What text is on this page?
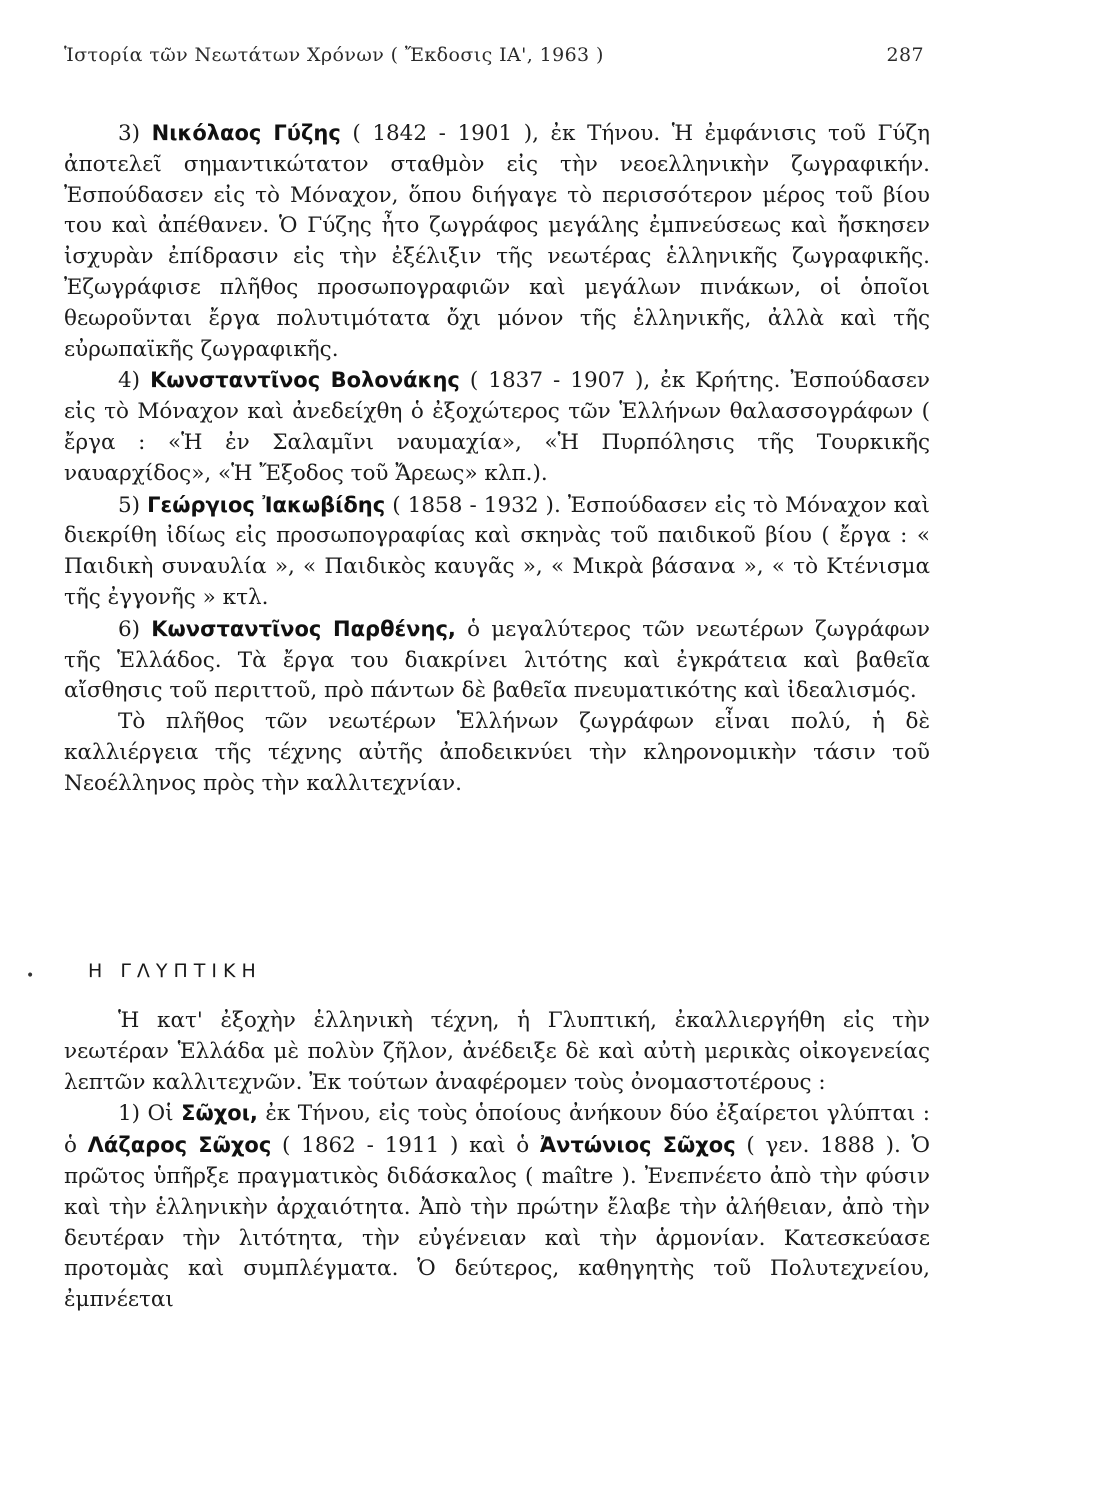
Ἱστορία τῶν Νεωτάτων Χρόνων ( Ἔκδοσις ΙΑ', 1963 )	287

3) Νικόλαος Γύζης ( 1842 - 1901 ), ἐκ Τήνου. Ἡ ἐμφάνισις τοῦ Γύζη ἀποτελεῖ σημαντικώτατον σταθμὸν εἰς τὴν νεοελληνικὴν ζωγραφικήν. Ἐσπούδασεν εἰς τὸ Μόναχον, ὅπου διήγαγε τὸ περισσότερον μέρος τοῦ βίου του καὶ ἀπέθανεν. Ὁ Γύζης ἦτο ζωγράφος μεγάλης ἐμπνεύσεως καὶ ἤσκησεν ἰσχυρὰν ἐπίδρασιν εἰς τὴν ἐξέλιξιν τῆς νεωτέρας ἑλληνικῆς ζωγραφικῆς. Ἐζωγράφισε πλῆθος προσωπογραφιῶν καὶ μεγάλων πινάκων, οἱ ὁποῖοι θεωροῦνται ἔργα πολυτιμότατα ὄχι μόνον τῆς ἑλληνικῆς, ἀλλὰ καὶ τῆς εὐρωπαϊκῆς ζωγραφικῆς.

4) Κωνσταντῖνος Βολονάκης ( 1837 - 1907 ), ἐκ Κρήτης. Ἐσπούδασεν εἰς τὸ Μόναχον καὶ ἀνεδείχθη ὁ ἐξοχώτερος τῶν Ἑλλήνων θαλασσογράφων ( ἔργα : «Ἡ ἐν Σαλαμῖνι ναυμαχία», «Ἡ Πυρπόλησις τῆς Τουρκικῆς ναυαρχίδος», «Ἡ Ἔξοδος τοῦ Ἄρεως» κλπ.).

5) Γεώργιος Ἰακωβίδης ( 1858 - 1932 ). Ἐσπούδασεν εἰς τὸ Μόναχον καὶ διεκρίθη ἰδίως εἰς προσωπογραφίας καὶ σκηνὰς τοῦ παιδικοῦ βίου ( ἔργα : « Παιδικὴ συναυλία », « Παιδικὸς καυγᾶς », « Μικρὰ βάσανα », « τὸ Κτένισμα τῆς ἐγγονῆς » κτλ.

6) Κωνσταντῖνος Παρθένης, ὁ μεγαλύτερος τῶν νεωτέρων ζωγράφων τῆς Ἑλλάδος. Τὰ ἔργα του διακρίνει λιτότης καὶ ἐγκράτεια καὶ βαθεῖα αἴσθησις τοῦ περιττοῦ, πρὸ πάντων δὲ βαθεῖα πνευματικότης καὶ ἰδεαλισμός.

Τὸ πλῆθος τῶν νεωτέρων Ἑλλήνων ζωγράφων εἶναι πολύ, ἡ δὲ καλλιέργεια τῆς τέχνης αὐτῆς ἀποδεικνύει τὴν κληρονομικὴν τάσιν τοῦ Νεοέλληνος πρὸς τὴν καλλιτεχνίαν.

•	Η ΓΛΥΠΤΙΚΗ

Ἡ κατ' ἐξοχὴν ἑλληνικὴ τέχνη, ἡ Γλυπτική, ἐκαλλιεργήθη εἰς τὴν νεωτέραν Ἑλλάδα μὲ πολὺν ζῆλον, ἀνέδειξε δὲ καὶ αὐτὴ μερικὰς οἰκογενείας λεπτῶν καλλιτεχνῶν. Ἐκ τούτων ἀναφέρομεν τοὺς ὀνομαστοτέρους :

1) Οἱ Σῶχοι, ἐκ Τήνου, εἰς τοὺς ὁποίους ἀνήκουν δύο ἐξαίρετοι γλύπται : ὁ Λάζαρος Σῶχος ( 1862 - 1911 ) καὶ ὁ Ἀντώνιος Σῶχος ( γεν. 1888 ). Ὁ πρῶτος ὑπῆρξε πραγματικὸς διδάσκαλος ( maître ). Ἐνεπνέετο ἀπὸ τὴν φύσιν καὶ τὴν ἑλληνικὴν ἀρχαιότητα. Ἀπὸ τὴν πρώτην ἔλαβε τὴν ἀλήθειαν, ἀπὸ τὴν δευτέραν τὴν λιτότητα, τὴν εὐγένειαν καὶ τὴν ἁρμονίαν. Κατεσκεύασε προτομὰς καὶ συμπλέγματα. Ὁ δεύτερος, καθηγητὴς τοῦ Πολυτεχνείου, ἐμπνέεται
